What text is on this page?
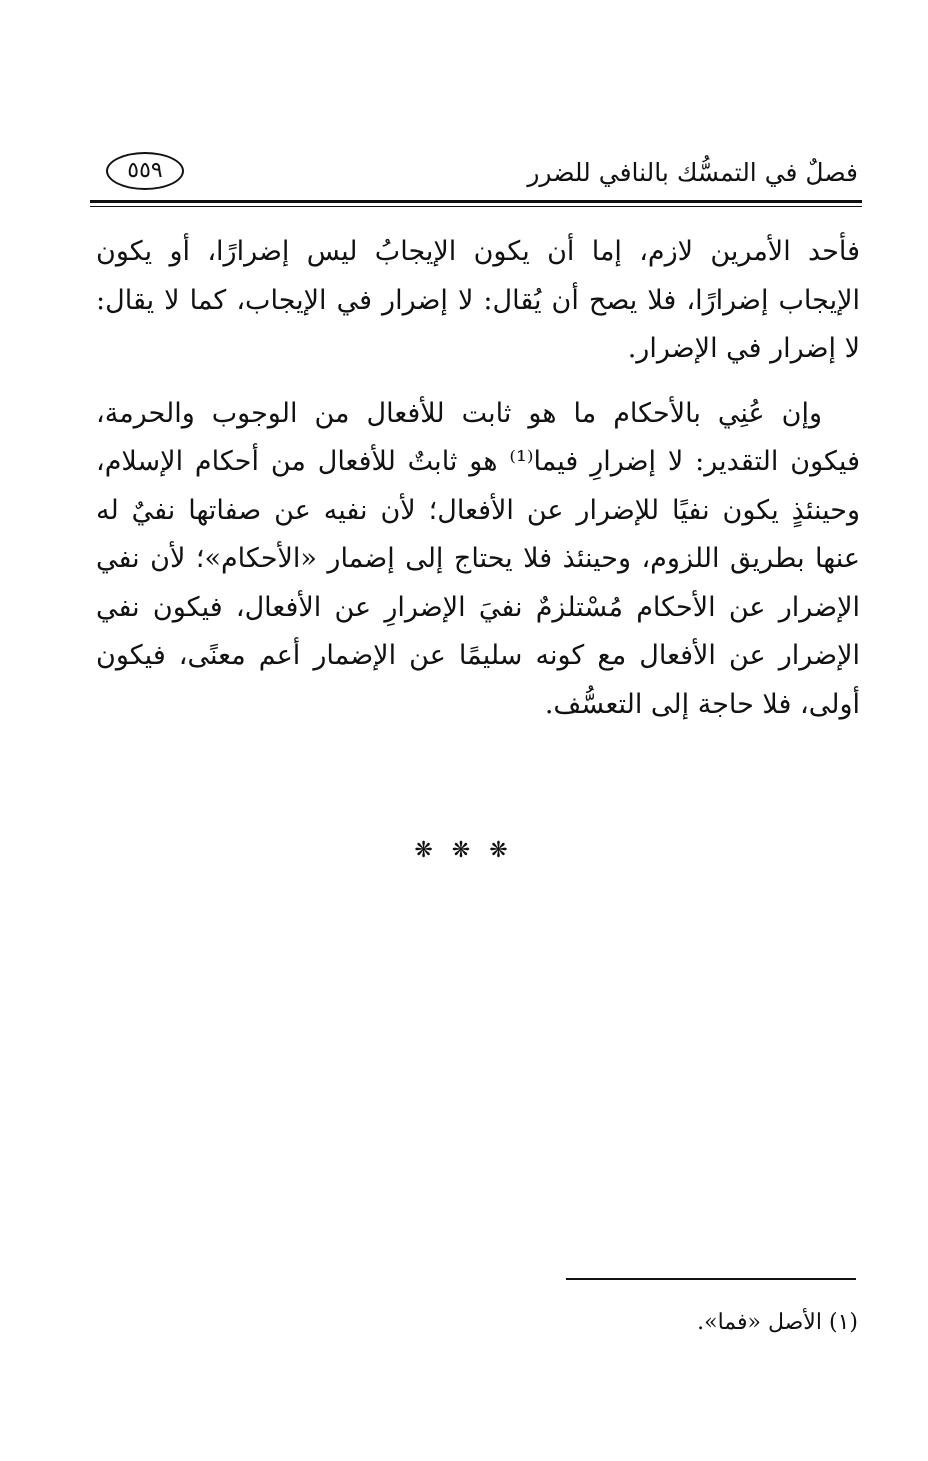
فصلٌ في التمسُّك بالنافي للضرر
٥٥٩

فأحد الأمرين لازم، إما أن يكون الإيجابُ ليس إضرارًا، أو يكون الإيجاب إضرارًا، فلا يصح أن يُقال: لا إضرار في الإيجاب، كما لا يقال: لا إضرار في الإضرار.

وإن عُنِي بالأحكام ما هو ثابت للأفعال من الوجوب والحرمة، فيكون التقدير: لا إضرارِ فيما⁽¹⁾ هو ثابتٌ للأفعال من أحكام الإسلام، وحينئذٍ يكون نفيًا للإضرار عن الأفعال؛ لأن نفيه عن صفاتها نفيٌ له عنها بطريق اللزوم، وحينئذ فلا يحتاج إلى إضمار «الأحكام»؛ لأن نفي الإضرار عن الأحكام مُسْتلزمٌ نفيَ الإضرارِ عن الأفعال، فيكون نفي الإضرار عن الأفعال مع كونه سليمًا عن الإضمار أعم معنًى، فيكون أولى، فلا حاجة إلى التعسُّف.

❋ ❋ ❋
(١) الأصل «فما».
